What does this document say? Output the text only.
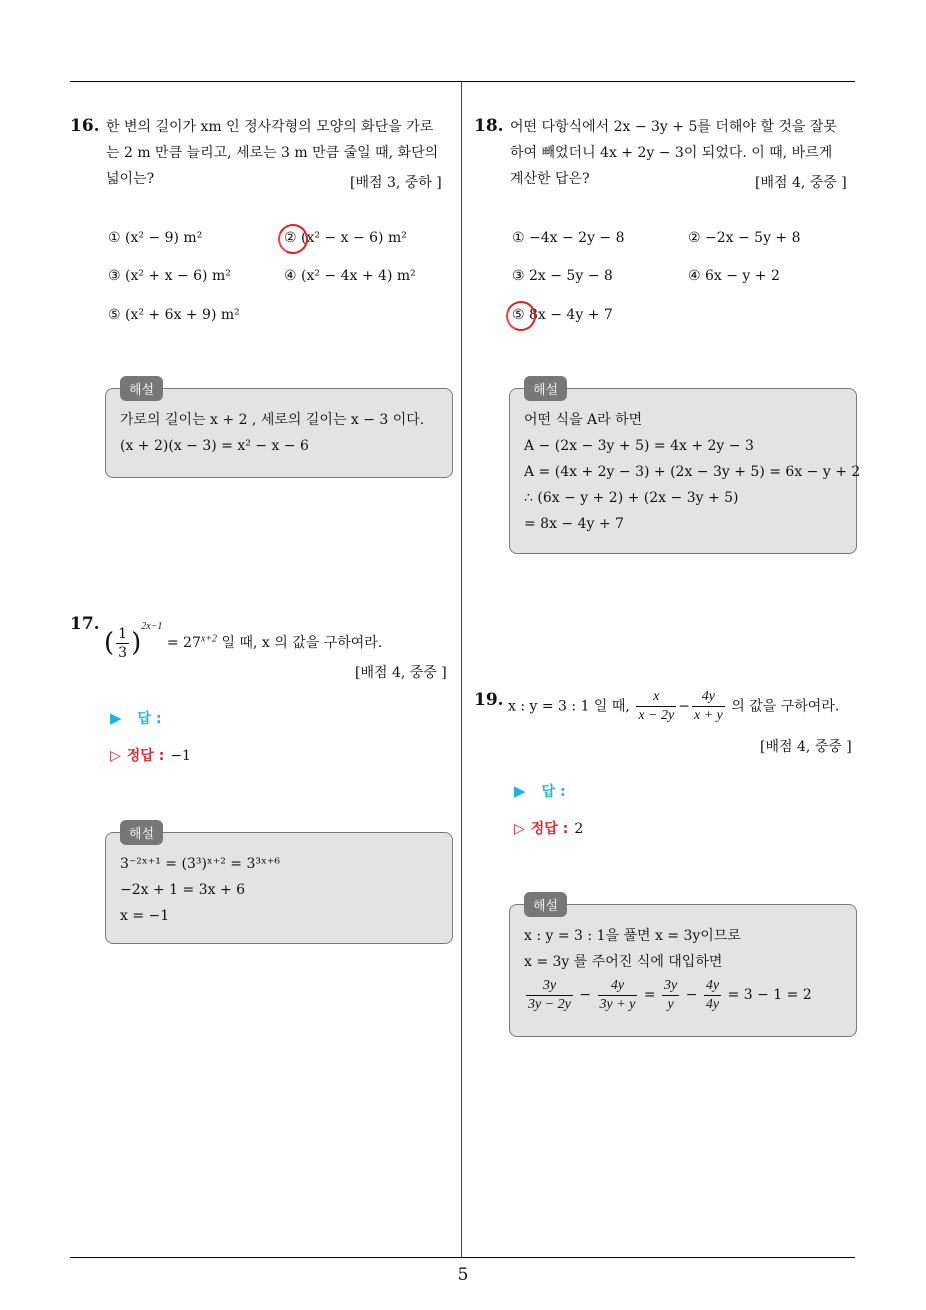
16. 한 변의 길이가 xm 인 정사각형의 모양의 화단을 가로
는 2 m 만큼 늘리고, 세로는 3 m 만큼 줄일 때, 화단의
넓이는?	[배점 3, 중하 ]
① (x² − 9) m²	② (x² − x − 6) m²
③ (x² + x − 6) m²	④ (x² − 4x + 4) m²
⑤ (x² + 6x + 9) m²
해설
가로의 길이는 x + 2 , 세로의 길이는 x − 3 이다.
(x + 2)(x − 3) = x² − x − 6
17.
( $\frac{1}{3} )^{2x-1} = 27^{x+2}$ 일 때, x 의 값을 구하여라.
[배점 4, 중중 ]
▶ 답 :
▷ 정답 : −1
해설
3⁻²ˣ⁺¹ = (3³)ˣ⁺² = 3³ˣ⁺⁶
−2x + 1 = 3x + 6
x = −1
18. 어떤 다항식에서 2x − 3y + 5를 더해야 할 것을 잘못
하여 빼었더니 4x + 2y − 3이 되었다. 이 때, 바르게
계산한 답은?	[배점 4, 중중 ]
① −4x − 2y − 8	② −2x − 5y + 8
③ 2x − 5y − 8	④ 6x − y + 2
⑤ 8x − 4y + 7
해설
어떤 식을 A라 하면
A − (2x − 3y + 5) = 4x + 2y − 3
A = (4x + 2y − 3) + (2x − 3y + 5) = 6x − y + 2
∴ (6x − y + 2) + (2x − 3y + 5)
= 8x − 4y + 7
19. x : y = 3 : 1 일 때, $\frac{x}{x - 2y} - \frac{4y}{x + y}$ 의 값을 구하여라.
[배점 4, 중중 ]
▶ 답 :
▷ 정답 : 2
해설
x : y = 3 : 1을 풀면 x = 3y이므로
x = 3y 를 주어진 식에 대입하면
$\frac{3y}{3y - 2y} - \frac{4y}{3y + y} = \frac{3y}{y} - \frac{4y}{4y} = 3 - 1 = 2$
5
